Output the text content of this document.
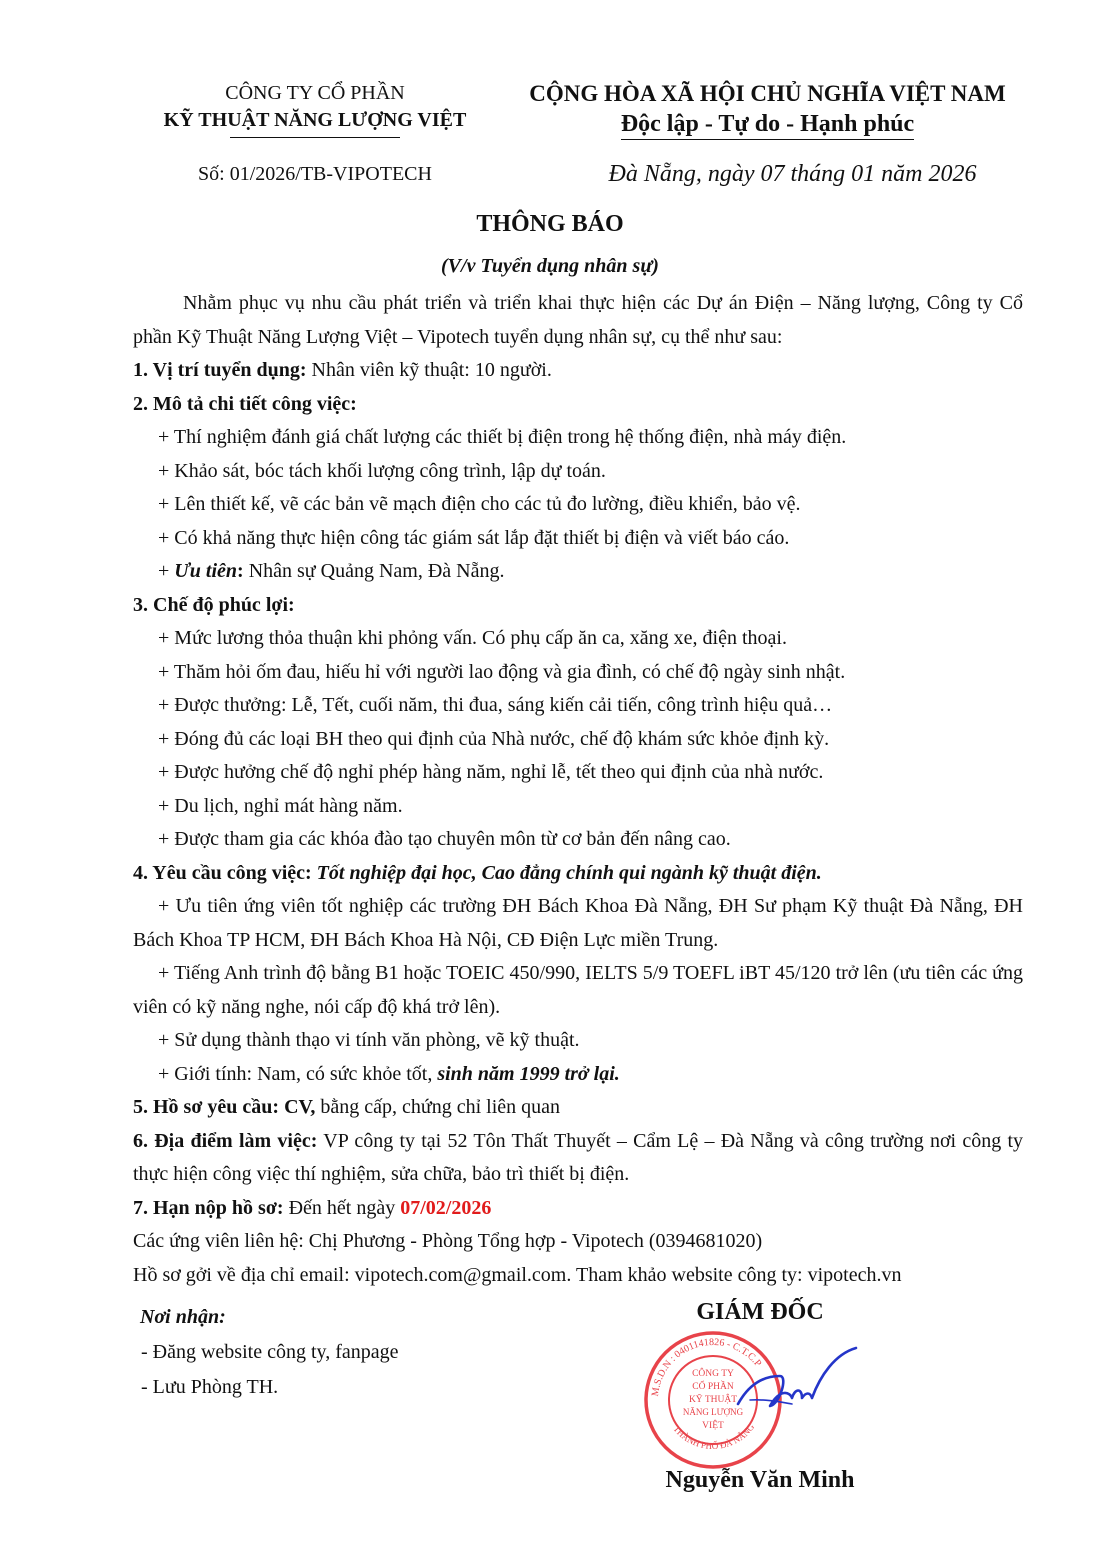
CÔNG TY CỔ PHẦN
KỸ THUẬT NĂNG LƯỢNG VIỆT
CỘNG HÒA XÃ HỘI CHỦ NGHĨA VIỆT NAM
Độc lập - Tự do - Hạnh phúc
Số: 01/2026/TB-VIPOTECH	Đà Nẵng, ngày 07 tháng 01 năm 2026
THÔNG BÁO
(V/v Tuyển dụng nhân sự)

Nhằm phục vụ nhu cầu phát triển và triển khai thực hiện các Dự án Điện – Năng lượng, Công ty Cổ phần Kỹ Thuật Năng Lượng Việt – Vipotech tuyển dụng nhân sự, cụ thể như sau:

1. Vị trí tuyển dụng: Nhân viên kỹ thuật: 10 người.

2. Mô tả chi tiết công việc:

+ Thí nghiệm đánh giá chất lượng các thiết bị điện trong hệ thống điện, nhà máy điện.

+ Khảo sát, bóc tách khối lượng công trình, lập dự toán.

+ Lên thiết kế, vẽ các bản vẽ mạch điện cho các tủ đo lường, điều khiển, bảo vệ.

+ Có khả năng thực hiện công tác giám sát lắp đặt thiết bị điện và viết báo cáo.

+ Ưu tiên: Nhân sự Quảng Nam, Đà Nẵng.

3. Chế độ phúc lợi:

+ Mức lương thỏa thuận khi phỏng vấn. Có phụ cấp ăn ca, xăng xe, điện thoại.

+ Thăm hỏi ốm đau, hiếu hỉ với người lao động và gia đình, có chế độ ngày sinh nhật.

+ Được thưởng: Lễ, Tết, cuối năm, thi đua, sáng kiến cải tiến, công trình hiệu quả…

+ Đóng đủ các loại BH theo qui định của Nhà nước, chế độ khám sức khỏe định kỳ.

+ Được hưởng chế độ nghỉ phép hàng năm, nghỉ lễ, tết theo qui định của nhà nước.

+ Du lịch, nghỉ mát hàng năm.

+ Được tham gia các khóa đào tạo chuyên môn từ cơ bản đến nâng cao.

4. Yêu cầu công việc: Tốt nghiệp đại học, Cao đẳng chính qui ngành kỹ thuật điện.

+ Ưu tiên ứng viên tốt nghiệp các trường ĐH Bách Khoa Đà Nẵng, ĐH Sư phạm Kỹ thuật Đà Nẵng, ĐH Bách Khoa TP HCM, ĐH Bách Khoa Hà Nội, CĐ Điện Lực miền Trung.

+ Tiếng Anh trình độ bằng B1 hoặc TOEIC 450/990, IELTS 5/9 TOEFL iBT 45/120 trở lên (ưu tiên các ứng viên có kỹ năng nghe, nói cấp độ khá trở lên).

+ Sử dụng thành thạo vi tính văn phòng, vẽ kỹ thuật.

+ Giới tính: Nam, có sức khỏe tốt, sinh năm 1999 trở lại.

5. Hồ sơ yêu cầu: CV, bằng cấp, chứng chỉ liên quan

6. Địa điểm làm việc: VP công ty tại 52 Tôn Thất Thuyết – Cẩm Lệ – Đà Nẵng và công trường nơi công ty thực hiện công việc thí nghiệm, sửa chữa, bảo trì thiết bị điện.

7. Hạn nộp hồ sơ: Đến hết ngày 07/02/2026

Các ứng viên liên hệ: Chị Phương - Phòng Tổng hợp - Vipotech (0394681020)

Hồ sơ gởi về địa chỉ email: vipotech.com@gmail.com. Tham khảo website công ty: vipotech.vn

Nơi nhận:
- Đăng website công ty, fanpage
- Lưu Phòng TH.
GIÁM ĐỐC
M.S.D.N : 0401141826 - C.T.C.P
THÀNH PHỐ ĐÀ NẴNG
CÔNG TY
CỔ PHẦN
KỸ THUẬT
NĂNG LƯỢNG
VIỆT
Nguyễn Văn Minh
